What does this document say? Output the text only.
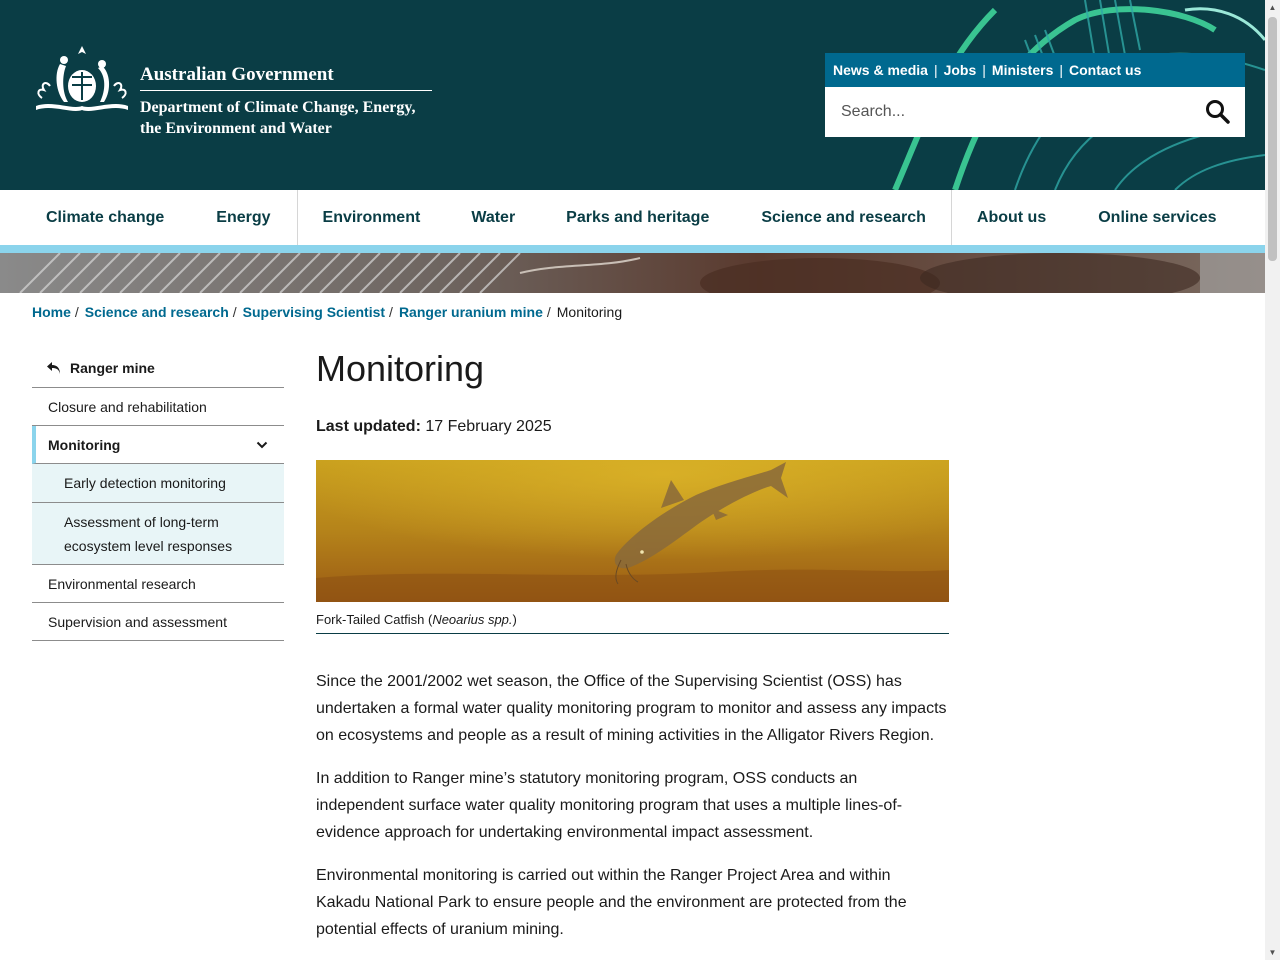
Australian Government
Department of Climate Change, Energy,
the Environment and Water
News & media | Jobs | Ministers | Contact us
Search...
Climate change	Energy	Environment	Water	Parks and heritage	Science and research	About us	Online services
Home / Science and research / Supervising Scientist / Ranger uranium mine / Monitoring
Ranger mine
Closure and rehabilitation
Monitoring
Early detection monitoring
Assessment of long-term ecosystem level responses
Environmental research
Supervision and assessment
Monitoring
Last updated: 17 February 2025
Fork-Tailed Catfish (Neoarius spp.)

Since the 2001/2002 wet season, the Office of the Supervising Scientist (OSS) has undertaken a formal water quality monitoring program to monitor and assess any impacts on ecosystems and people as a result of mining activities in the Alligator Rivers Region.

In addition to Ranger mine’s statutory monitoring program, OSS conducts an independent surface water quality monitoring program that uses a multiple lines-of-evidence approach for undertaking environmental impact assessment.

Environmental monitoring is carried out within the Ranger Project Area and within Kakadu National Park to ensure people and the environment are protected from the potential effects of uranium mining.

▲
▼
